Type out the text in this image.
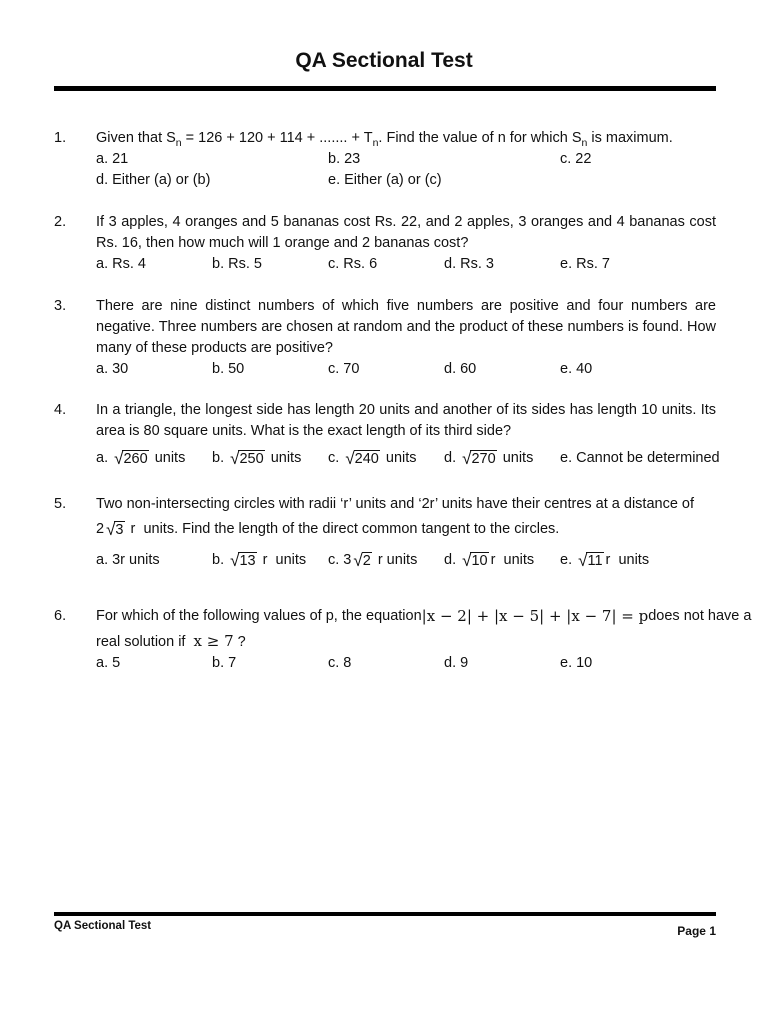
QA Sectional Test
1.	Given that $S_n = 126 + 120 + 114$ + ....... + $T_n$. Find the value of n for which $S_n$ is maximum.
a. 21	b. 23	c. 22
d. Either (a) or (b)	e. Either (a) or (c)
2.	If 3 apples, 4 oranges and 5 bananas cost Rs. 22, and 2 apples, 3 oranges and 4 bananas cost Rs. 16, then how much will 1 orange and 2 bananas cost?
a. Rs. 4	b. Rs. 5	c. Rs. 6	d. Rs. 3	e. Rs. 7
3.	There are nine distinct numbers of which five numbers are positive and four numbers are negative. Three numbers are chosen at random and the product of these numbers is found. How many of these products are positive?
a. 30	b. 50	c. 70	d. 60	e. 40
4.	In a triangle, the longest side has length 20 units and another of its sides has length 10 units. Its area is 80 square units. What is the exact length of its third side?
a. √ 260 units b. √ 250 units c. √ 240 units d. √ 270 units e. Cannot be determined
5.	Two non-intersecting circles with radii ‘r’ units and ‘2r’ units have their centres at a distance of
2 √ 3 r units. Find the length of the direct common tangent to the circles.
a. 3r units	b. √ 13 r units c. 3 √ 2 r units d. √ 10 r units e. √ 11 r units
6.	For which of the following values of p, the equation |x − 2| + |x − 5| + |x − 7| = p does not have a
real solution if x ≥ 7 ?
a. 5	b. 7	c. 8	d. 9	e. 10
QA Sectional Test	Page 1
